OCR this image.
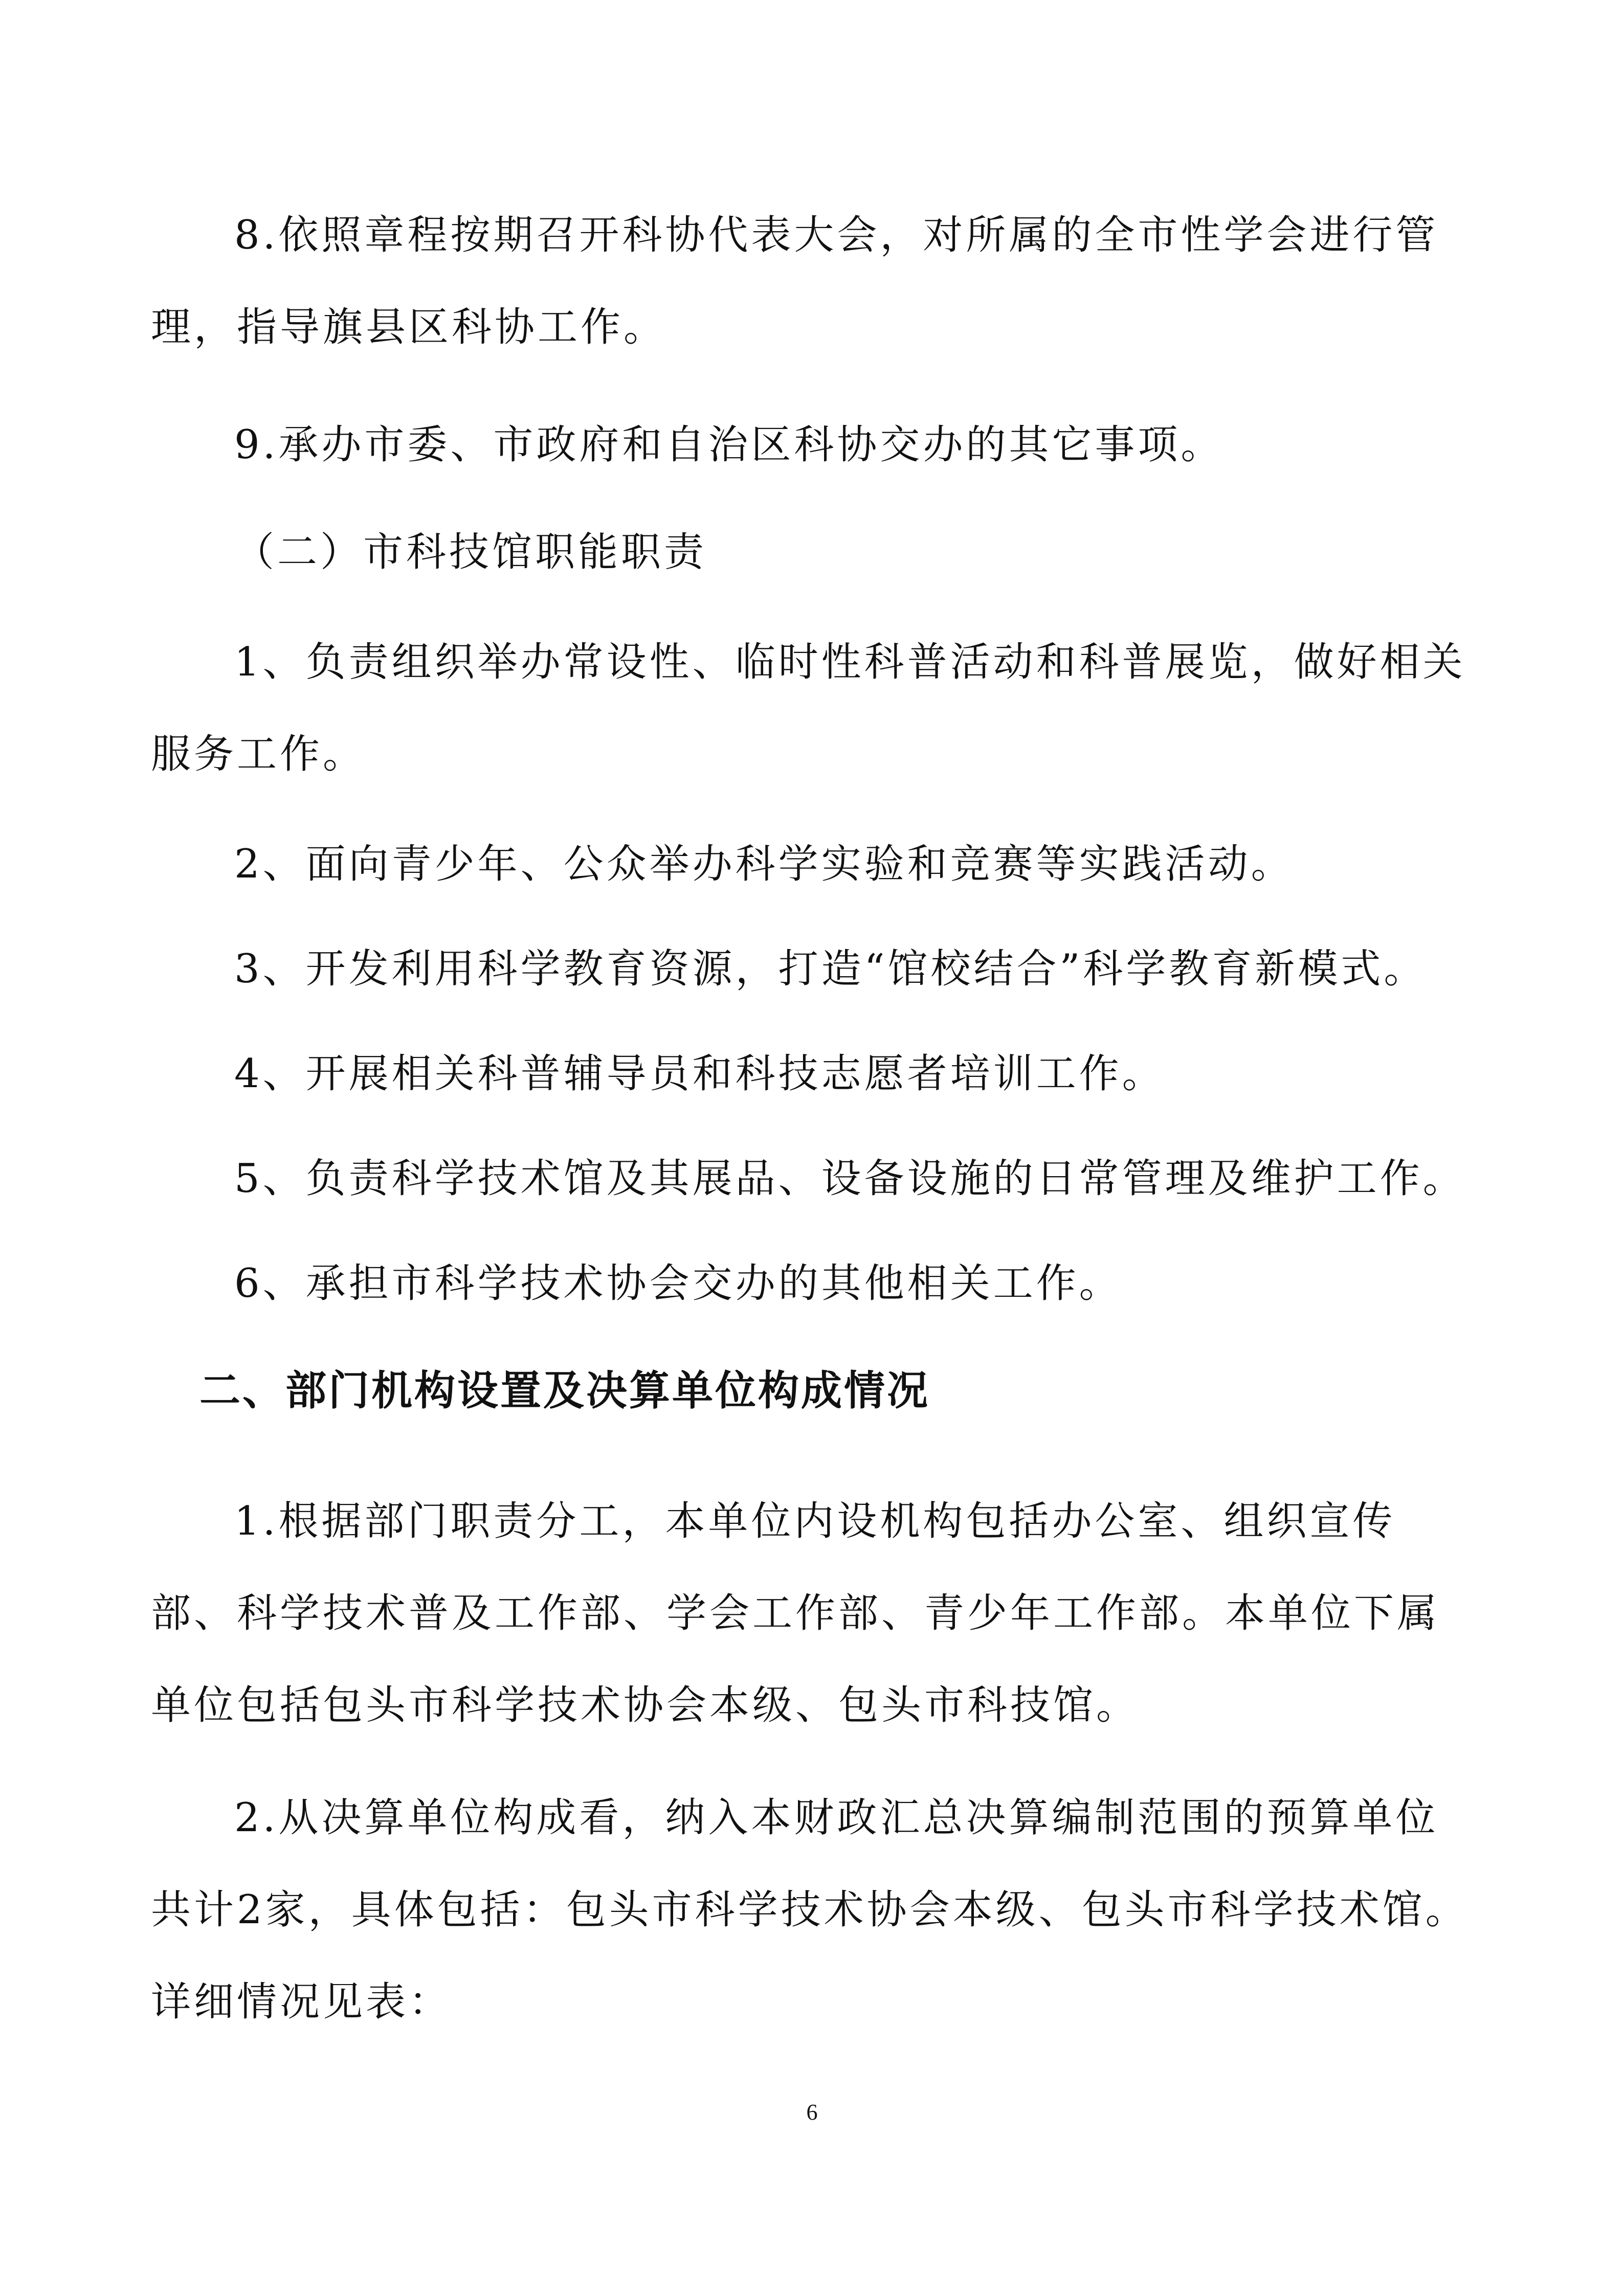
8.依照章程按期召开科协代表大会，对所属的全市性学会进行管理，指导旗县区科协工作。

9.承办市委、市政府和自治区科协交办的其它事项。

（二）市科技馆职能职责

1、负责组织举办常设性、临时性科普活动和科普展览，做好相关服务工作。

2、面向青少年、公众举办科学实验和竞赛等实践活动。

3、开发利用科学教育资源，打造“馆校结合”科学教育新模式。

4、开展相关科普辅导员和科技志愿者培训工作。

5、负责科学技术馆及其展品、设备设施的日常管理及维护工作。

6、承担市科学技术协会交办的其他相关工作。

二、部门机构设置及决算单位构成情况

1.根据部门职责分工，本单位内设机构包括办公室、组织宣传部、科学技术普及工作部、学会工作部、青少年工作部。本单位下属单位包括包头市科学技术协会本级、包头市科技馆。

2.从决算单位构成看，纳入本财政汇总决算编制范围的预算单位共计2家，具体包括：包头市科学技术协会本级、包头市科学技术馆。详细情况见表：

6
